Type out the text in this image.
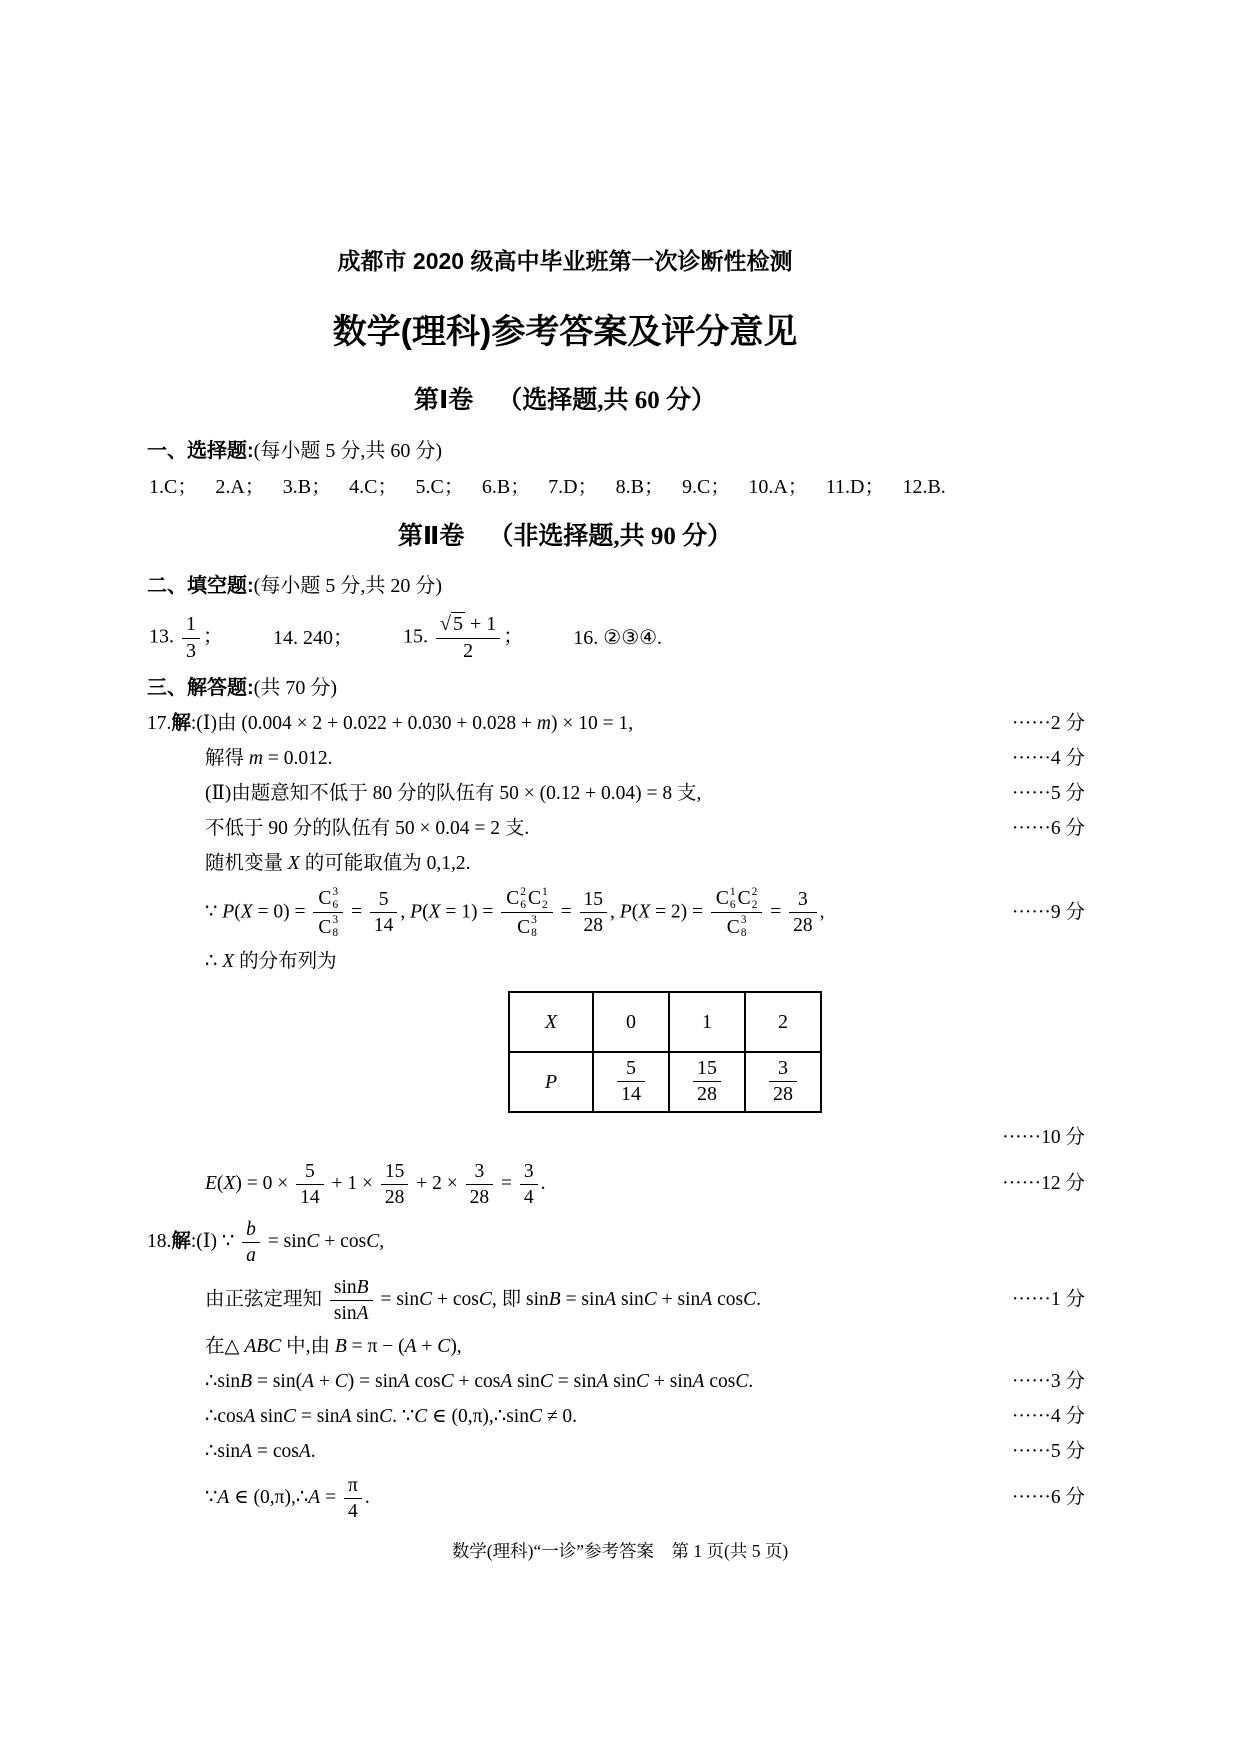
成都市 2020 级高中毕业班第一次诊断性检测
数学(理科)参考答案及评分意见
第Ⅰ卷 （选择题,共 60 分）
一、选择题:(每小题 5 分,共 60 分)
1.C； 2.A； 3.B； 4.C； 5.C； 6.B； 7.D； 8.B； 9.C； 10.A； 11.D； 12.B.
第Ⅱ卷 （非选择题,共 90 分）
二、填空题:(每小题 5 分,共 20 分)
13. $\frac{1}{3}$ ；	14. 240；	15. $\frac{√ 5 + 1}{2}$ ；	16. ②③④.
三、解答题:(共 70 分)
17.解:(Ⅰ)由 (0.004 × 2 + 0.022 + 0.030 + 0.028 + m) × 10 = 1,	······2 分
解得 m = 0.012.	······4 分
(Ⅱ)由题意知不低于 80 分的队伍有 50 × (0.12 + 0.04) = 8 支,	······5 分
不低于 90 分的队伍有 50 × 0.04 = 2 支.	······6 分
随机变量 X 的可能取值为 0,1,2.
∵ P(X = 0) = C 3
6
C 3
$8 = \frac{5}{14}$ , P(X = 1) = C 2
6 C 1
2
C 3
$8 = \frac{15}{28}$ , P(X = 2) = C 1
6 C 2
2
C 3
$8 = \frac{3}{28}$ ,	······9 分
∴ X 的分布列为
X	0	1	2
P	$\frac{5}{14}$	$\frac{15}{28}$	$\frac{3}{28}$
······10 分
$E(X) = 0 \times \frac{5}{14} + 1 \times \frac{15}{28} + 2 \times \frac{3}{28} = \frac{3}{4}$ .	······12 分
18.解:(Ⅰ) ∵ $\frac{b}{a} = \sin C + \cos C$,
由正弦定理知 $\frac{\sin B}{\sin A} = \sin C + \cos C$, 即 sinB = sinA sinC + sinA cosC.	······1 分
在△ ABC 中,由 B = π − (A + C),
∴sinB = sin(A + C) = sinA cosC + cosA sinC = sinA sinC + sinA cosC.	······3 分
∴cosA sinC = sinA sinC. ∵C ∈ (0,π),∴sinC ≠ 0.	······4 分
∴sinA = cosA.	······5 分
∵A ∈ (0,π),∴A = $\frac{\pi}{4}$ .	······6 分
数学(理科)“一诊”参考答案　第 1 页(共 5 页)
